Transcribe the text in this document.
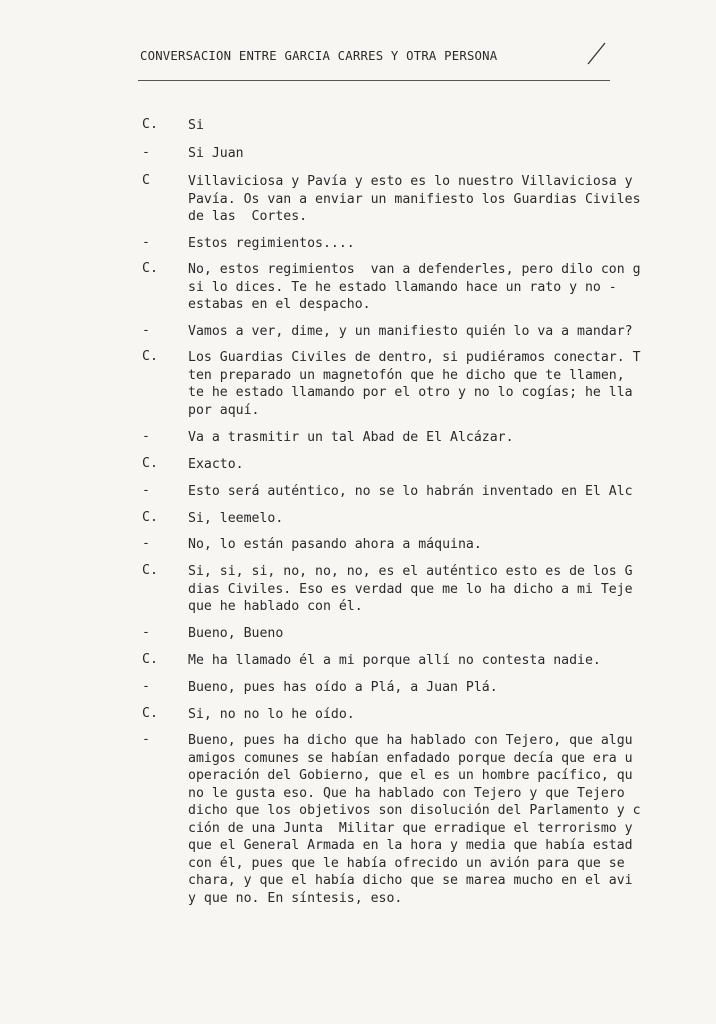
CONVERSACION ENTRE GARCIA CARRES Y OTRA PERSONA
C. Si
-	Si Juan
C	Villaviciosa y Pavía y esto es lo nuestro Villaviciosa y
Pavía. Os van a enviar un manifiesto los Guardias Civiles
de las  Cortes.
-	Estos regimientos....
C. No, estos regimientos  van a defenderles, pero dilo con g
si lo dices. Te he estado llamando hace un rato y no -
estabas en el despacho.
-	Vamos a ver, dime, y un manifiesto quién lo va a mandar?
C. Los Guardias Civiles de dentro, si pudiéramos conectar. T
ten preparado un magnetofón que he dicho que te llamen,
te he estado llamando por el otro y no lo cogías; he lla
por aquí.
-	Va a trasmitir un tal Abad de El Alcázar.
C. Exacto.
-	Esto será auténtico, no se lo habrán inventado en El Alc
C. Si, leemelo.
-	No, lo están pasando ahora a máquina.
C. Si, si, si, no, no, no, es el auténtico esto es de los G
dias Civiles. Eso es verdad que me lo ha dicho a mi Teje
que he hablado con él.
-	Bueno, Bueno
C. Me ha llamado él a mi porque allí no contesta nadie.
-	Bueno, pues has oído a Plá, a Juan Plá.
C. Si, no no lo he oído.
-	Bueno, pues ha dicho que ha hablado con Tejero, que algu
amigos comunes se habían enfadado porque decía que era u
operación del Gobierno, que el es un hombre pacífico, qu
no le gusta eso. Que ha hablado con Tejero y que Tejero
dicho que los objetivos son disolución del Parlamento y c
ción de una Junta  Militar que erradique el terrorismo y
que el General Armada en la hora y media que había estad
con él, pues que le había ofrecido un avión para que se
chara, y que el había dicho que se marea mucho en el avi
y que no. En síntesis, eso.
